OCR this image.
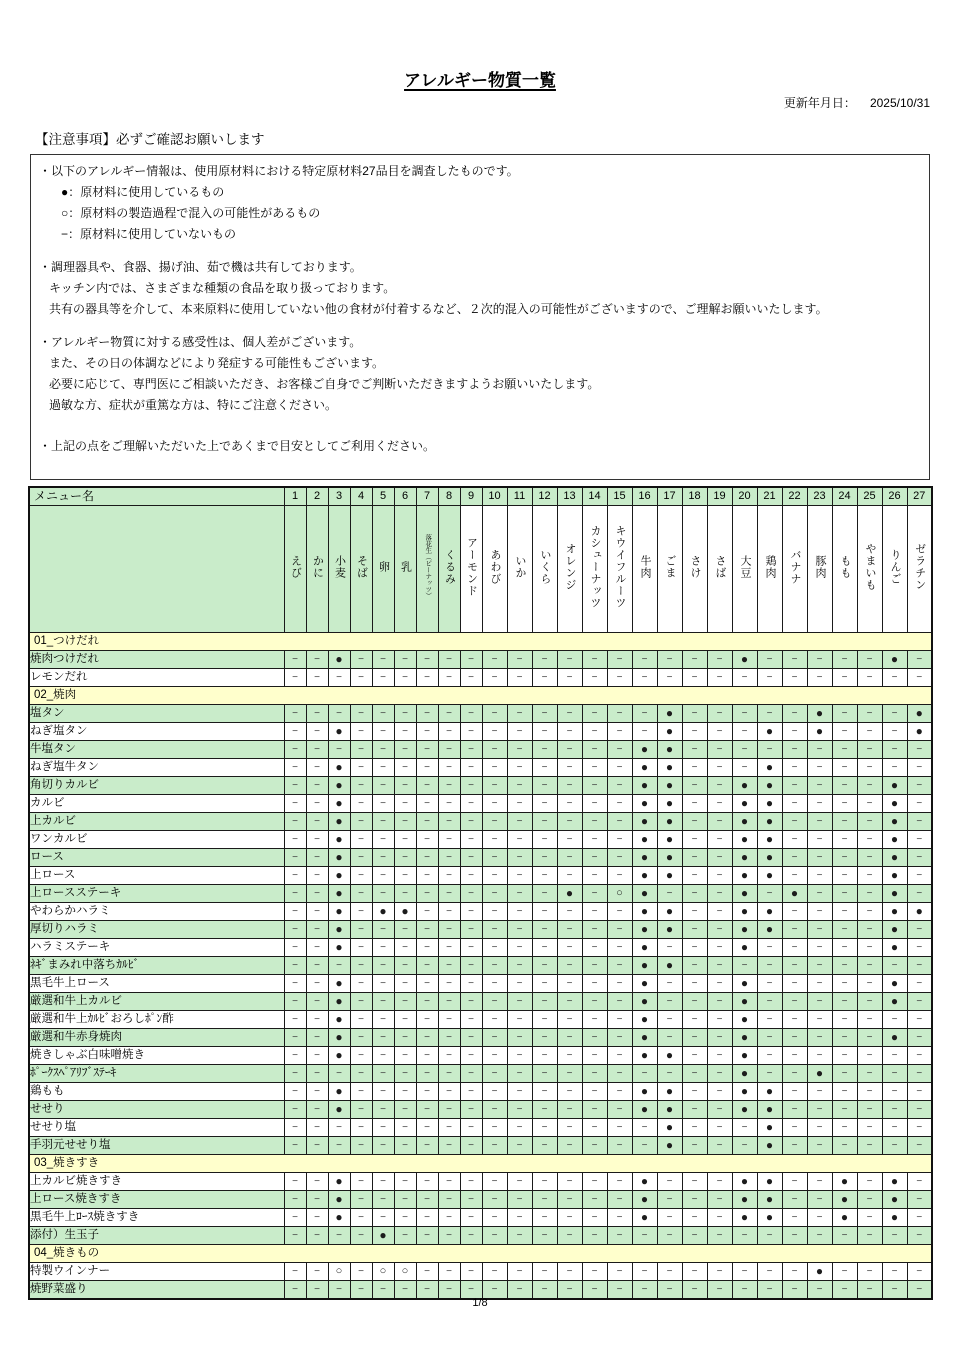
アレルギー物質一覧
更新年月日： 2025/10/31
【注意事項】必ずご確認お願いします
・以下のアレルギー情報は、使用原材料における特定原材料27品目を調査したものです。
●：原材料に使用しているもの
○：原材料の製造過程で混入の可能性があるもの
−：原材料に使用していないもの
・調理器具や、食器、揚げ油、茹で機は共有しております。
キッチン内では、さまざまな種類の食品を取り扱っております。
共有の器具等を介して、本来原料に使用していない他の食材が付着するなど、２次的混入の可能性がございますので、ご理解お願いいたします。
・アレルギー物質に対する感受性は、個人差がございます。
また、その日の体調などにより発症する可能性もございます。
必要に応じて、専門医にご相談いただき、お客様ご自身でご判断いただきますようお願いいたします。
過敏な方、症状が重篤な方は、特にご注意ください。
・上記の点をご理解いただいた上であくまで目安としてご利用ください。
メニュー名	1	2	3	4	5	6	7	8	9	10	11	12	13	14	15	16	17	18	19	20	21	22	23	24	25	26	27
	えび	かに	小麦	そば	卵	乳	落花生（ピーナッツ）	くるみ	アーモンド	あわび	いか	いくら	オレンジ	カシューナッツ	キウイフルーツ	牛肉	ごま	さけ	さば	大豆	鶏肉	バナナ	豚肉	もも	やまいも	りんご	ゼラチン
01_つけだれ																											
焼肉つけだれ	−	−	●	−	−	−	−	−	−	−	−	−	−	−	−	−	−	−	−	●	−	−	−	−	−	●	−
レモンだれ	−	−	−	−	−	−	−	−	−	−	−	−	−	−	−	−	−	−	−	−	−	−	−	−	−	−	−
02_焼肉																											
塩タン	−	−	−	−	−	−	−	−	−	−	−	−	−	−	−	−	●	−	−	−	−	−	●	−	−	−	●
ねぎ塩タン	−	−	●	−	−	−	−	−	−	−	−	−	−	−	−	−	●	−	−	−	●	−	●	−	−	−	●
牛塩タン	−	−	−	−	−	−	−	−	−	−	−	−	−	−	−	●	●	−	−	−	−	−	−	−	−	−	−
ねぎ塩牛タン	−	−	●	−	−	−	−	−	−	−	−	−	−	−	−	●	●	−	−	−	●	−	−	−	−	−	−
角切りカルビ	−	−	●	−	−	−	−	−	−	−	−	−	−	−	−	●	●	−	−	●	●	−	−	−	−	●	−
カルビ	−	−	●	−	−	−	−	−	−	−	−	−	−	−	−	●	●	−	−	●	●	−	−	−	−	●	−
上カルビ	−	−	●	−	−	−	−	−	−	−	−	−	−	−	−	●	●	−	−	●	●	−	−	−	−	●	−
ワンカルビ	−	−	●	−	−	−	−	−	−	−	−	−	−	−	−	●	●	−	−	●	●	−	−	−	−	●	−
ロース	−	−	●	−	−	−	−	−	−	−	−	−	−	−	−	●	●	−	−	●	●	−	−	−	−	●	−
上ロース	−	−	●	−	−	−	−	−	−	−	−	−	−	−	−	●	●	−	−	●	●	−	−	−	−	●	−
上ロースステーキ	−	−	●	−	−	−	−	−	−	−	−	−	●	−	○	●	−	−	−	●	−	●	−	−	−	●	−
やわらかハラミ	−	−	●	−	●	●	−	−	−	−	−	−	−	−	−	●	●	−	−	●	●	−	−	−	−	●	●
厚切りハラミ	−	−	●	−	−	−	−	−	−	−	−	−	−	−	−	●	●	−	−	●	●	−	−	−	−	●	−
ハラミステーキ	−	−	●	−	−	−	−	−	−	−	−	−	−	−	−	●	−	−	−	●	−	−	−	−	−	●	−
ﾈｷﾞまみれ中落ちｶﾙﾋﾞ	−	−	−	−	−	−	−	−	−	−	−	−	−	−	−	●	●	−	−	−	−	−	−	−	−	−	−
黒毛牛上ロース	−	−	●	−	−	−	−	−	−	−	−	−	−	−	−	●	−	−	−	●	−	−	−	−	−	●	−
厳選和牛上カルビ	−	−	●	−	−	−	−	−	−	−	−	−	−	−	−	●	−	−	−	●	−	−	−	−	−	●	−
厳選和牛上ｶﾙﾋﾞおろしﾎﾟﾝ酢	−	−	●	−	−	−	−	−	−	−	−	−	−	−	−	●	−	−	−	●	−	−	−	−	−	−	−
厳選和牛赤身焼肉	−	−	●	−	−	−	−	−	−	−	−	−	−	−	−	●	−	−	−	●	−	−	−	−	−	●	−
焼きしゃぶ白味噌焼き	−	−	●	−	−	−	−	−	−	−	−	−	−	−	−	●	●	−	−	●	−	−	−	−	−	−	−
ﾎﾟｰｸｽﾍﾟｱﾘﾌﾞｽﾃｰｷ	−	−	−	−	−	−	−	−	−	−	−	−	−	−	−	−	−	−	−	●	−	−	●	−	−	−	−
鶏もも	−	−	●	−	−	−	−	−	−	−	−	−	−	−	−	●	●	−	−	●	●	−	−	−	−	−	−
せせり	−	−	●	−	−	−	−	−	−	−	−	−	−	−	−	●	●	−	−	●	●	−	−	−	−	−	−
せせり塩	−	−	−	−	−	−	−	−	−	−	−	−	−	−	−	−	●	−	−	−	●	−	−	−	−	−	−
手羽元せせり塩	−	−	−	−	−	−	−	−	−	−	−	−	−	−	−	−	●	−	−	−	●	−	−	−	−	−	−
03_焼きすき																											
上カルビ焼きすき	−	−	●	−	−	−	−	−	−	−	−	−	−	−	−	●	−	−	−	●	●	−	−	●	−	●	−
上ロース焼きすき	−	−	●	−	−	−	−	−	−	−	−	−	−	−	−	●	−	−	−	●	●	−	−	●	−	●	−
黒毛牛上ﾛｰｽ焼きすき	−	−	●	−	−	−	−	−	−	−	−	−	−	−	−	●	−	−	−	●	●	−	−	●	−	●	−
添付）生玉子	−	−	−	−	●	−	−	−	−	−	−	−	−	−	−	−	−	−	−	−	−	−	−	−	−	−	−
04_焼きもの																											
特製ウインナー	−	−	○	−	○	○	−	−	−	−	−	−	−	−	−	−	−	−	−	−	−	−	●	−	−	−	−
焼野菜盛り	−	−	−	−	−	−	−	−	−	−	−	−	−	−	−	−	−	−	−	−	−	−	−	−	−	−	−
1/8
